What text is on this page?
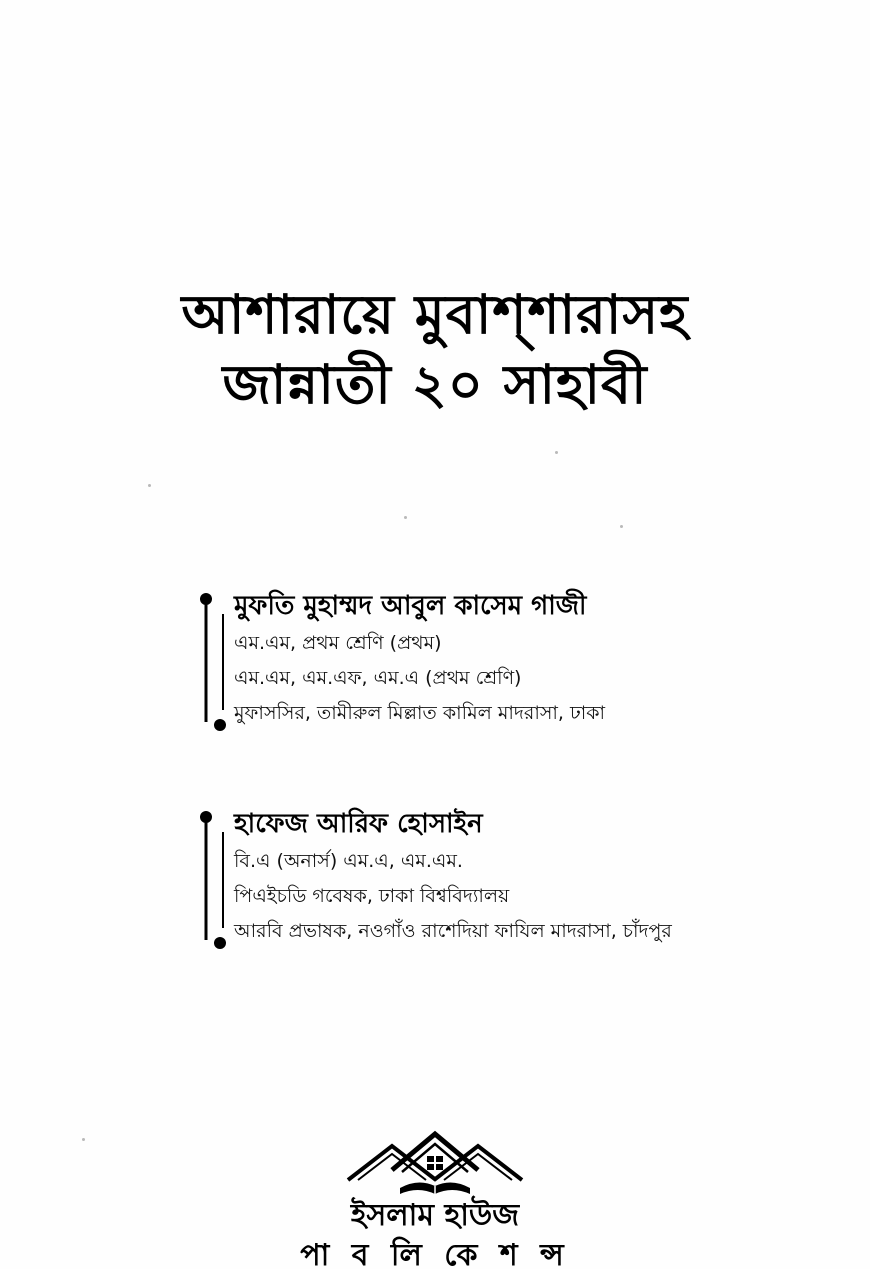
আশারায়ে মুবাশ্‌শারাসহ
জান্নাতী ২০ সাহাবী
মুফতি মুহাম্মদ আবুল কাসেম গাজী
এম.এম, প্রথম শ্রেণি (প্রথম)
এম.এম, এম.এফ, এম.এ (প্রথম শ্রেণি)
মুফাসসির, তামীরুল মিল্লাত কামিল মাদরাসা, ঢাকা
হাফেজ আরিফ হোসাইন
বি.এ (অনার্স) এম.এ, এম.এম.
পিএইচডি গবেষক, ঢাকা বিশ্ববিদ্যালয়
আরবি প্রভাষক, নওগাঁও রাশেদিয়া ফাযিল মাদরাসা, চাঁদপুর
ইসলাম হাউজ
পা ব লি কে শ ন্স
